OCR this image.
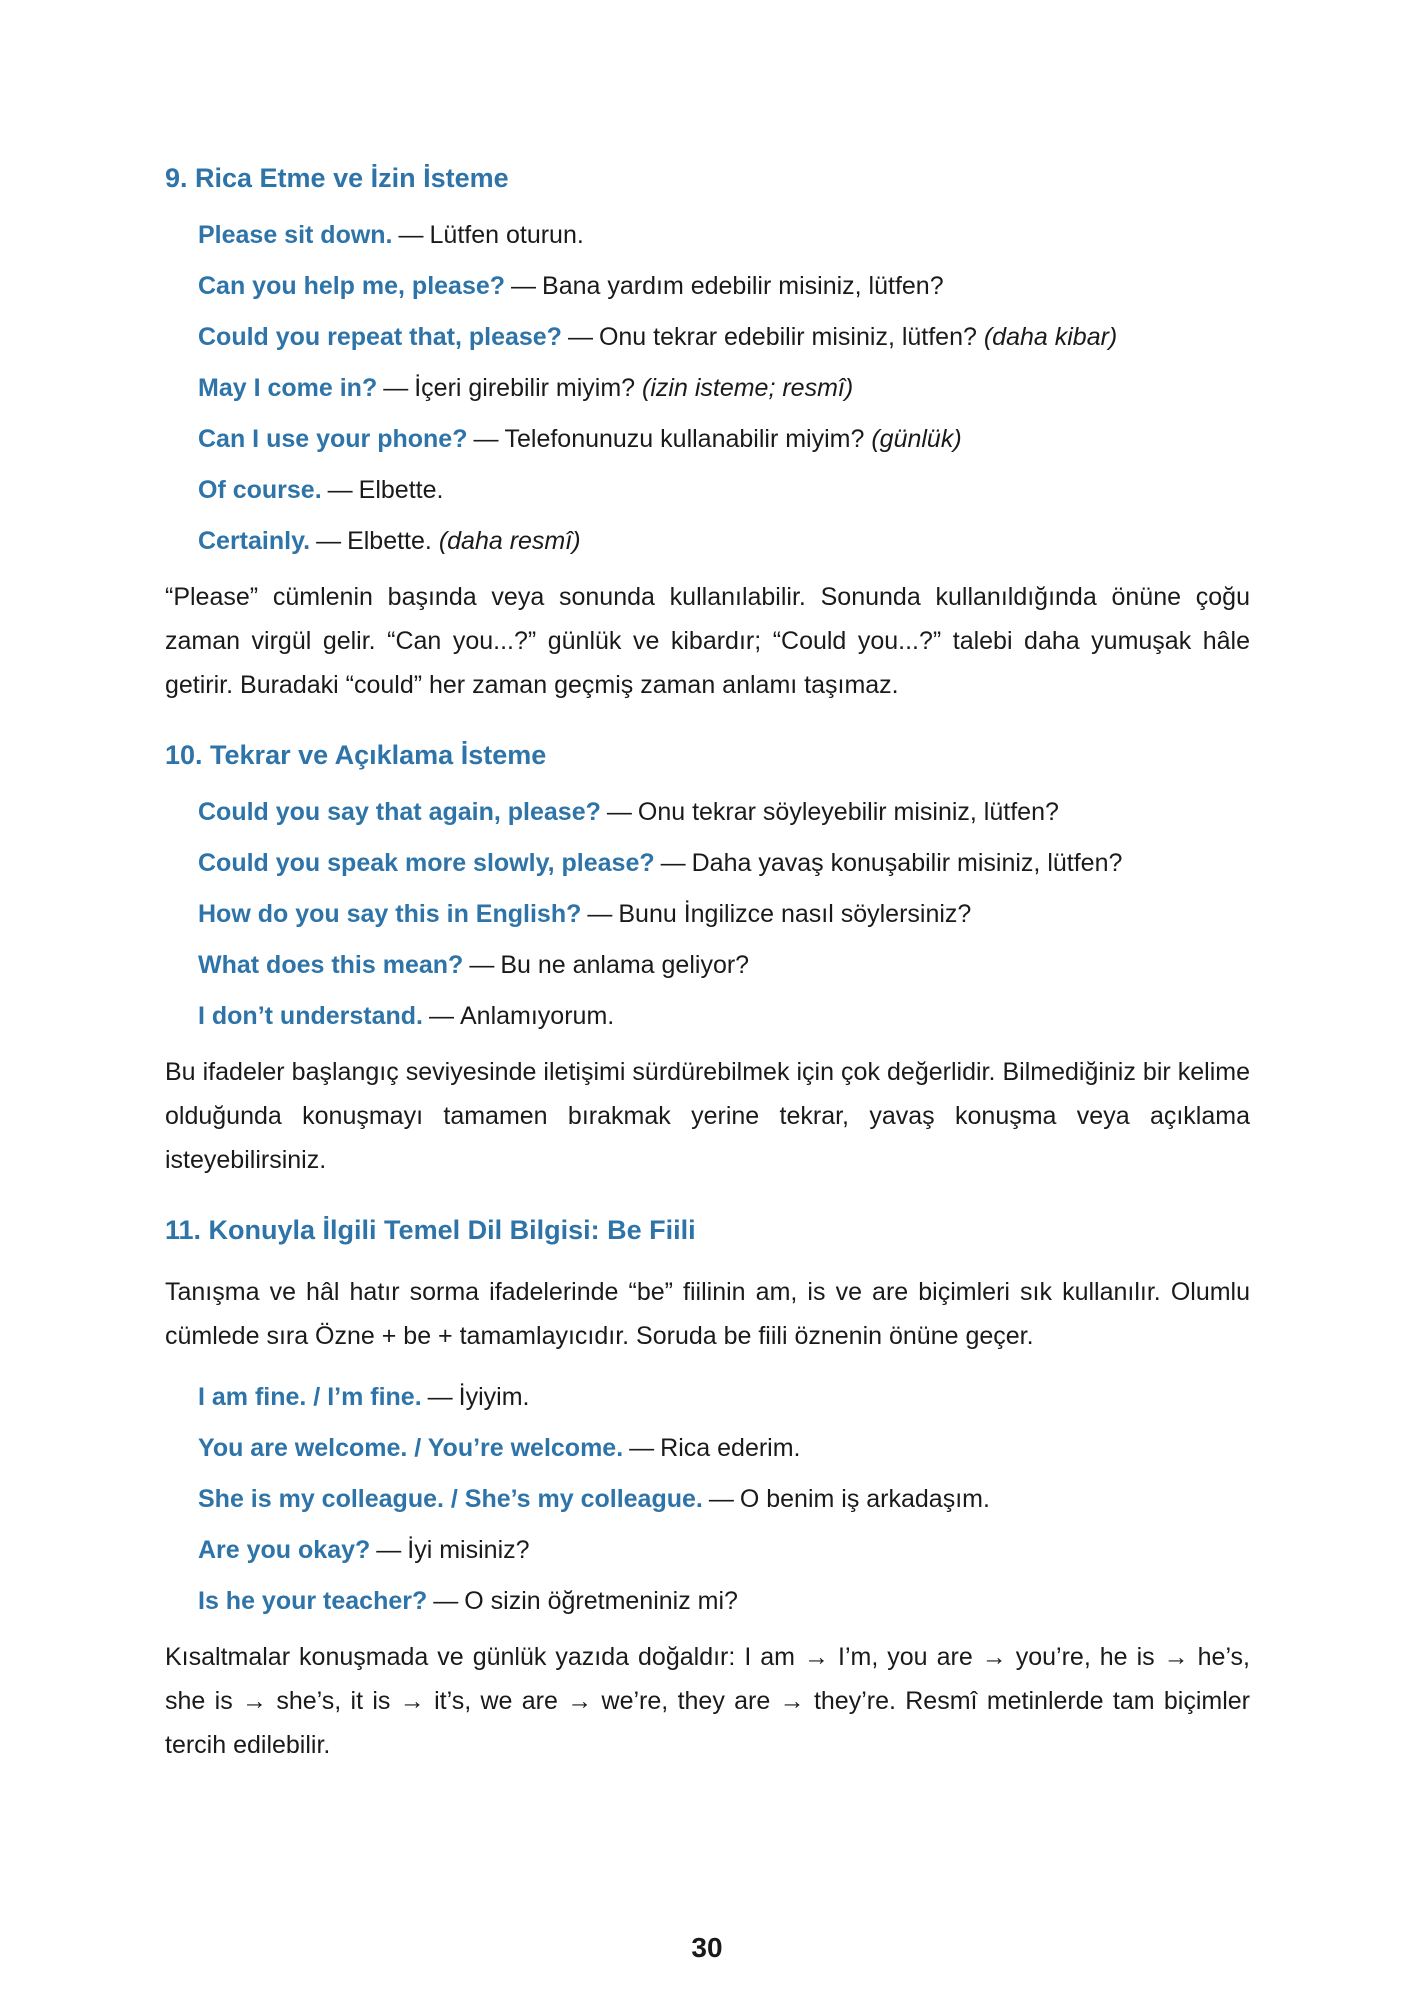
9. Rica Etme ve İzin İsteme
Please sit down. — Lütfen oturun.
Can you help me, please? — Bana yardım edebilir misiniz, lütfen?
Could you repeat that, please? — Onu tekrar edebilir misiniz, lütfen? (daha kibar)
May I come in? — İçeri girebilir miyim? (izin isteme; resmî)
Can I use your phone? — Telefonunuzu kullanabilir miyim? (günlük)
Of course. — Elbette.
Certainly. — Elbette. (daha resmî)

“Please” cümlenin başında veya sonunda kullanılabilir. Sonunda kullanıldığında önüne çoğu zaman virgül gelir. “Can you...?” günlük ve kibardır; “Could you...?” talebi daha yumuşak hâle getirir. Buradaki “could” her zaman geçmiş zaman anlamı taşımaz.

10. Tekrar ve Açıklama İsteme
Could you say that again, please? — Onu tekrar söyleyebilir misiniz, lütfen?
Could you speak more slowly, please? — Daha yavaş konuşabilir misiniz, lütfen?
How do you say this in English? — Bunu İngilizce nasıl söylersiniz?
What does this mean? — Bu ne anlama geliyor?
I don’t understand. — Anlamıyorum.

Bu ifadeler başlangıç seviyesinde iletişimi sürdürebilmek için çok değerlidir. Bilmediğiniz bir kelime olduğunda konuşmayı tamamen bırakmak yerine tekrar, yavaş konuşma veya açıklama isteyebilirsiniz.

11. Konuyla İlgili Temel Dil Bilgisi: Be Fiili

Tanışma ve hâl hatır sorma ifadelerinde “be” fiilinin am, is ve are biçimleri sık kullanılır. Olumlu cümlede sıra Özne + be + tamamlayıcıdır. Soruda be fiili öznenin önüne geçer.

I am fine. / I’m fine. — İyiyim.
You are welcome. / You’re welcome. — Rica ederim.
She is my colleague. / She’s my colleague. — O benim iş arkadaşım.
Are you okay? — İyi misiniz?
Is he your teacher? — O sizin öğretmeniniz mi?

Kısaltmalar konuşmada ve günlük yazıda doğaldır: I am → I’m, you are → you’re, he is → he’s, she is → she’s, it is → it’s, we are → we’re, they are → they’re. Resmî metinlerde tam biçimler tercih edilebilir.

30
